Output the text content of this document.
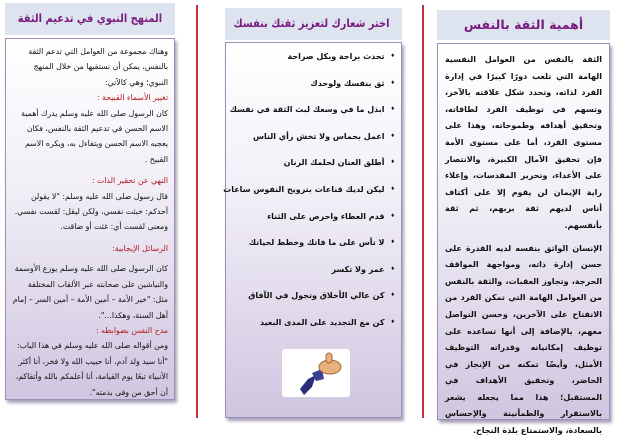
المنهج النبوي في تدعيم الثقة

وهناك مجموعة من العوامل التي تدعم الثقة بالنفس، يمكن أن نستقيها من خلال المنهج النبوي؛ وهي كالآتي:

تغيير الأسماء القبيحة :

كان الرسول صلى الله عليه وسلم يدرك أهمية الاسم الحسن في تدعيم الثقة بالنفس، فكان يعجبه الاسم الحسن ويتفاءل به، ويكره الاسم القبيح .

النهي عن تحقير الذات :

قال رسول صلى الله عليه وسلم: "لا يقولن أحدكم: خبثت نفسي، ولكن ليقل: لقست نفسي. ومعنى لقست أي: غثت أو ضاقت.

الرسائل الإيجابية:

كان الرسول صلى الله عليه وسلم يوزع الأوسمة والنياشين على صحابته عبر الألقاب المختلفة مثل: "خير الأمة – أمين الأمة – أمين السر – إمام أهل السنة، وهكذا...".

مدح النفس بضوابطه :

ومن أقواله صلى الله عليه وسلم في هذا الباب: "أنا سيد ولد آدم، أنا حبيب الله ولا فخر، أنا أكثر الأنبياء تبعًا يوم القيامة، أنا أعلمكم بالله وأتقاكم، أن أحق من وفى بذمته".

اختر شعارك لتعزيز ثقتك بنفسك
♦ تحدث براحة وبكل صراحة
♦ ثق بنفسك ولوحدك
♦ ابذل ما في وسعك لبث الثقة في نفسك
♦ اعمل بحماس ولا تخش رأي الناس
♦ أطلق العنان لحلمك الرنان
♦ ليكن لديك قناعات بترويح النفوس ساعات
♦ قدم العطاء واحرص على الثناء
♦ لا تأس على ما فاتك وخطط لحياتك
♦ عمر ولا تكسر
♦ كن عالي الأخلاق وتجول في الآفاق
♦ كن مع التجديد على المدى البعيد
أهمية الثقة بالنفس

الثقة بالنفس من العوامل النفسية الهامة التي تلعب دورًا كبيرًا في إدارة الفرد لذاته، وتحدد شكل علاقته بالآخر، وتسهم في توظيف الفرد لطاقاته، وتحقيق أهدافه وطموحاته، وهذا على مستوى الفرد، أما على مستوى الأمة فإن تحقيق الآمال الكبيرة، والانتصار على الأعداء، وتحرير المقدسات، وإعلاء راية الإيمان لن يقوم إلا على أكتاف أناس لديهم ثقة بربهم، ثم ثقة بأنفسهم.

الإنسان الواثق بنفسه لديه القدرة على حسن إدارة ذاته، ومواجهة المواقف الحرجة، وتجاوز العقبات، والثقة بالنفس من العوامل الهامة التي تمكن الفرد من الانفتاح على الآخرين، وحسن التواصل معهم، بالإضافة إلى أنها تساعده على توظيف إمكانياته وقدراته التوظيف الأمثل، وأيضًا تمكنه من الإنجاز في الحاضر، وتحقيق الأهداف في المستقبل؛ هذا مما يجعله يشعر بالاستقرار والطمأنينة والإحساس بالسعادة، والاستمتاع بلذة النجاح.
